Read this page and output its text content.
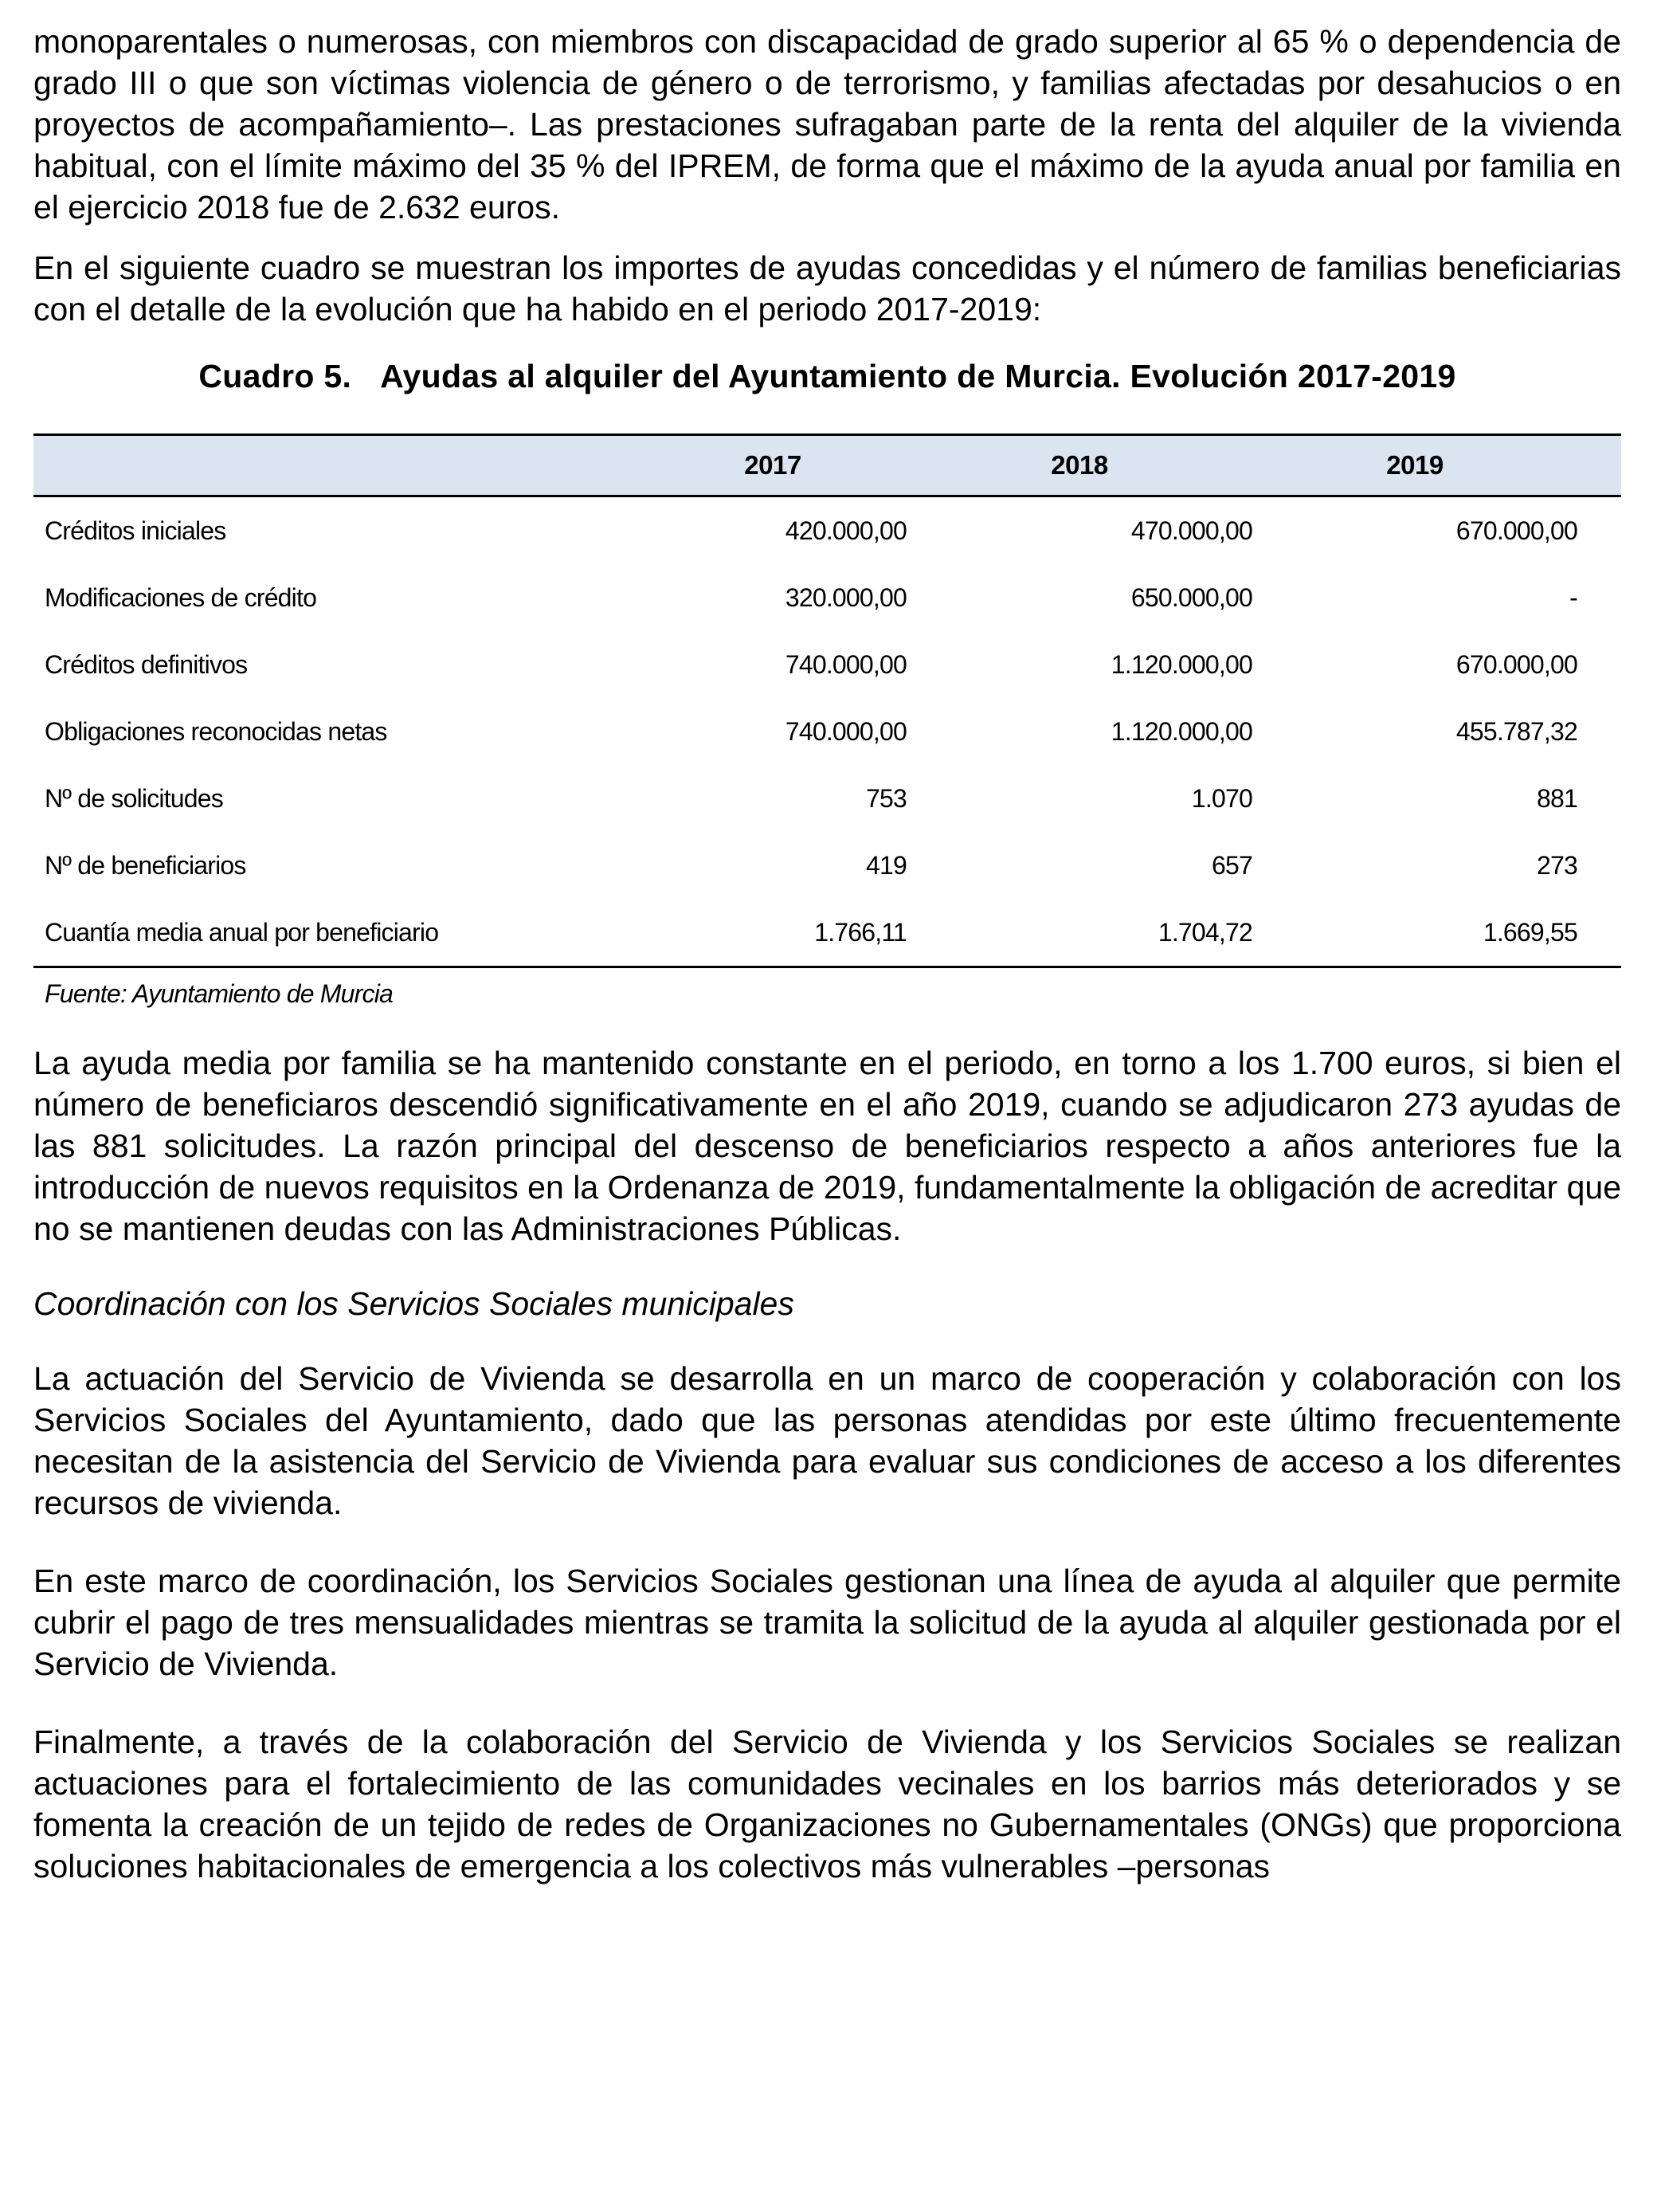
monoparentales o numerosas, con miembros con discapacidad de grado superior al 65 % o dependencia de grado III o que son víctimas violencia de género o de terrorismo, y familias afectadas por desahucios o en proyectos de acompañamiento–. Las prestaciones sufragaban parte de la renta del alquiler de la vivienda habitual, con el límite máximo del 35 % del IPREM, de forma que el máximo de la ayuda anual por familia en el ejercicio 2018 fue de 2.632 euros.

En el siguiente cuadro se muestran los importes de ayudas concedidas y el número de familias beneficiarias con el detalle de la evolución que ha habido en el periodo 2017-2019:

Cuadro 5. Ayudas al alquiler del Ayuntamiento de Murcia. Evolución 2017-2019
	2017	2018	2019	
Créditos iniciales	420.000,00	470.000,00	670.000,00	
Modificaciones de crédito	320.000,00	650.000,00	-	
Créditos definitivos	740.000,00	1.120.000,00	670.000,00	
Obligaciones reconocidas netas	740.000,00	1.120.000,00	455.787,32	
Nº de solicitudes	753	1.070	881	
Nº de beneficiarios	419	657	273	
Cuantía media anual por beneficiario	1.766,11	1.704,72	1.669,55	
Fuente: Ayuntamiento de Murcia

La ayuda media por familia se ha mantenido constante en el periodo, en torno a los 1.700 euros, si bien el número de beneficiaros descendió significativamente en el año 2019, cuando se adjudicaron 273 ayudas de las 881 solicitudes. La razón principal del descenso de beneficiarios respecto a años anteriores fue la introducción de nuevos requisitos en la Ordenanza de 2019, fundamentalmente la obligación de acreditar que no se mantienen deudas con las Administraciones Públicas.

Coordinación con los Servicios Sociales municipales

La actuación del Servicio de Vivienda se desarrolla en un marco de cooperación y colaboración con los Servicios Sociales del Ayuntamiento, dado que las personas atendidas por este último frecuentemente necesitan de la asistencia del Servicio de Vivienda para evaluar sus condiciones de acceso a los diferentes recursos de vivienda.

En este marco de coordinación, los Servicios Sociales gestionan una línea de ayuda al alquiler que permite cubrir el pago de tres mensualidades mientras se tramita la solicitud de la ayuda al alquiler gestionada por el Servicio de Vivienda.

Finalmente, a través de la colaboración del Servicio de Vivienda y los Servicios Sociales se realizan actuaciones para el fortalecimiento de las comunidades vecinales en los barrios más deteriorados y se fomenta la creación de un tejido de redes de Organizaciones no Gubernamentales (ONGs) que proporciona soluciones habitacionales de emergencia a los colectivos más vulnerables –personas
